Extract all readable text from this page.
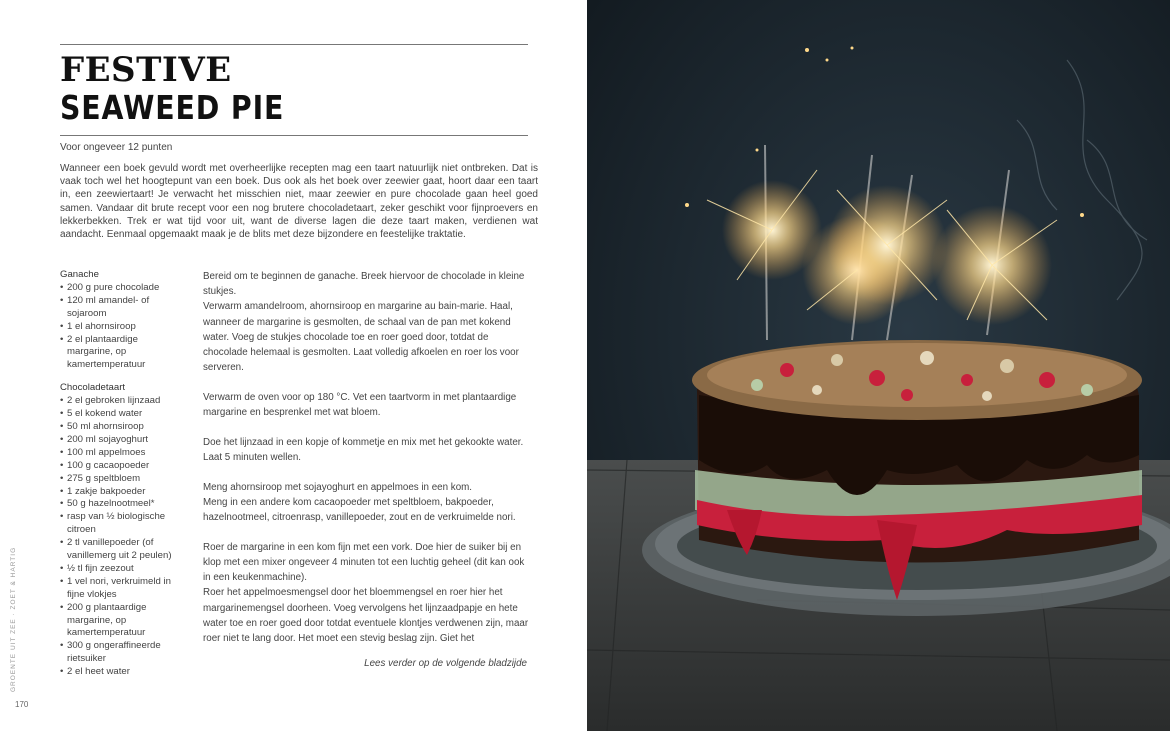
FESTIVE
SEAWEED PIE
Voor ongeveer 12 punten

Wanneer een boek gevuld wordt met overheerlijke recepten mag een taart natuurlijk niet ontbreken. Dat is vaak toch wel het hoogtepunt van een boek. Dus ook als het boek over zeewier gaat, hoort daar een taart in, een zeewiertaart! Je verwacht het misschien niet, maar zeewier en pure chocolade gaan heel goed samen. Vandaar dit brute recept voor een nog brutere chocoladetaart, zeker geschikt voor fijnproevers en lekkerbekken. Trek er wat tijd voor uit, want de diverse lagen die deze taart maken, verdienen wat aandacht. Eenmaal opgemaakt maak je de blits met deze bijzondere en feestelijke traktatie.

Ganache
• 200 g pure chocolade
• 120 ml amandel- of sojaroom
• 1 el ahornsiroop
• 2 el plantaardige margarine, op kamertemperatuur
Chocoladetaart
• 2 el gebroken lijnzaad
• 5 el kokend water
• 50 ml ahornsiroop
• 200 ml sojayoghurt
• 100 ml appelmoes
• 100 g cacaopoeder
• 275 g speltbloem
• 1 zakje bakpoeder
• 50 g hazelnootmeel*
• rasp van ½ biologische citroen
• 2 tl vanillepoeder (of vanillemerg uit 2 peulen)
• ½ tl fijn zeezout
• 1 vel nori, verkruimeld in fijne vlokjes
• 200 g plantaardige margarine, op kamertemperatuur
• 300 g ongeraffineerde rietsuiker
• 2 el heet water

Bereid om te beginnen de ganache. Breek hiervoor de chocolade in kleine stukjes.
Verwarm amandelroom, ahornsiroop en margarine au bain-marie. Haal, wanneer de margarine is gesmolten, de schaal van de pan met kokend water. Voeg de stukjes chocolade toe en roer goed door, totdat de chocolade helemaal is gesmolten. Laat volledig afkoelen en roer los voor serveren.

Verwarm de oven voor op 180 °C. Vet een taartvorm in met plantaardige margarine en besprenkel met wat bloem.

Doe het lijnzaad in een kopje of kommetje en mix met het gekookte water. Laat 5 minuten wellen.

Meng ahornsiroop met sojayoghurt en appelmoes in een kom.
Meng in een andere kom cacaopoeder met speltbloem, bakpoeder, hazelnootmeel, citroenrasp, vanillepoeder, zout en de verkruimelde nori.

Roer de margarine in een kom fijn met een vork. Doe hier de suiker bij en klop met een mixer ongeveer 4 minuten tot een luchtig geheel (dit kan ook in een keukenmachine).
Roer het appelmoesmengsel door het bloemmengsel en roer hier het margarinemengsel doorheen. Voeg vervolgens het lijnzaadpapje en hete water toe en roer goed door totdat eventuele klontjes verdwenen zijn, maar roer niet te lang door. Het moet een stevig beslag zijn. Giet het

Lees verder op de volgende bladzijde
GROENTE UIT ZEE · ZOET & HARTIG
170
